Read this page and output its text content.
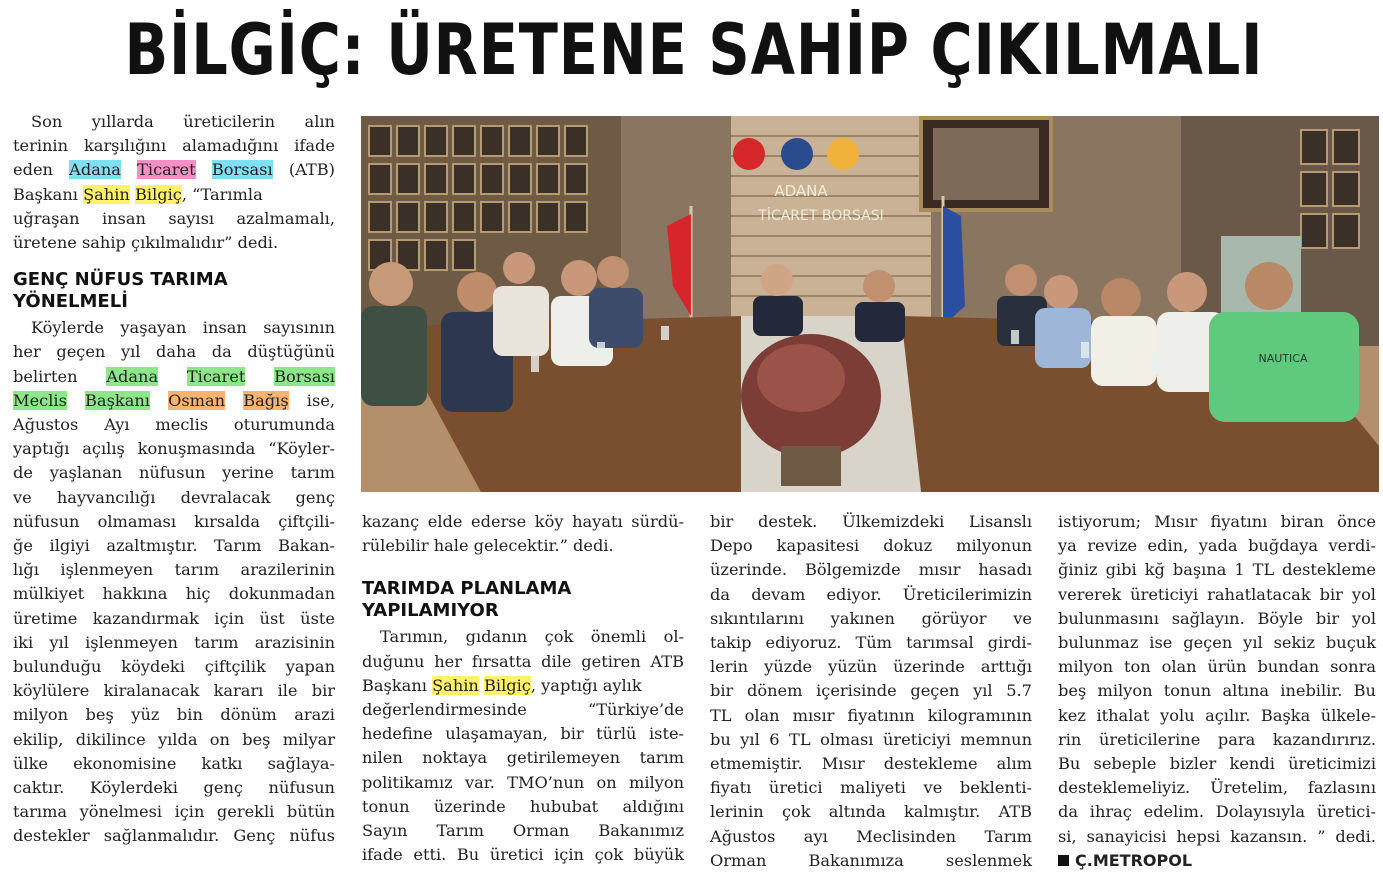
BİLGİÇ: ÜRETENE SAHİP ÇIKILMALI
Son yıllarda üreticilerin alın
terinin karşılığını alamadığını ifade
eden Adana Ticaret Borsası (ATB)
Başkanı Şahin Bilgiç, “Tarımla
uğraşan insan sayısı azalmamalı,
üretene sahip çıkılmalıdır” dedi.
GENÇ NÜFUS TARIMA
YÖNELMELİ
Köylerde yaşayan insan sayısının
her geçen yıl daha da düştüğünü
belirten Adana Ticaret Borsası
Meclis Başkanı Osman Bağış ise,
Ağustos Ayı meclis oturumunda
yaptığı açılış konuşmasında “Köyler-
de yaşlanan nüfusun yerine tarım
ve hayvancılığı devralacak genç
nüfusun olmaması kırsalda çiftçili-
ğe ilgiyi azaltmıştır. Tarım Bakan-
lığı işlenmeyen tarım arazilerinin
mülkiyet hakkına hiç dokunmadan
üretime kazandırmak için üst üste
iki yıl işlenmeyen tarım arazisinin
bulunduğu köydeki çiftçilik yapan
köylülere kiralanacak kararı ile bir
milyon beş yüz bin dönüm arazi
ekilip, dikilince yılda on beş milyar
ülke ekonomisine katkı sağlaya-
caktır. Köylerdeki genç nüfusun
tarıma yönelmesi için gerekli bütün
destekler sağlanmalıdır. Genç nüfus
ADANA
TİCARET BORSASI
NAUTICA
kazanç elde ederse köy hayatı sürdü-
rülebilir hale gelecektir.” dedi.
TARIMDA PLANLAMA
YAPILAMIYOR
Tarımın, gıdanın çok önemli ol-
duğunu her fırsatta dile getiren ATB
Başkanı Şahin Bilgiç, yaptığı aylık
değerlendirmesinde “Türkiye’de
hedefine ulaşamayan, bir türlü iste-
nilen noktaya getirilemeyen tarım
politikamız var. TMO’nun on milyon
tonun üzerinde hububat aldığını
Sayın Tarım Orman Bakanımız
ifade etti. Bu üretici için çok büyük
bir destek. Ülkemizdeki Lisanslı
Depo kapasitesi dokuz milyonun
üzerinde. Bölgemizde mısır hasadı
da devam ediyor. Üreticilerimizin
sıkıntılarını yakınen görüyor ve
takip ediyoruz. Tüm tarımsal girdi-
lerin yüzde yüzün üzerinde arttığı
bir dönem içerisinde geçen yıl 5.7
TL olan mısır fiyatının kilogramının
bu yıl 6 TL olması üreticiyi memnun
etmemiştir. Mısır destekleme alım
fiyatı üretici maliyeti ve beklenti-
lerinin çok altında kalmıştır. ATB
Ağustos ayı Meclisinden Tarım
Orman Bakanımıza seslenmek
istiyorum; Mısır fiyatını biran önce
ya revize edin, yada buğdaya verdi-
ğiniz gibi kğ başına 1 TL destekleme
vererek üreticiyi rahatlatacak bir yol
bulunmasını sağlayın. Böyle bir yol
bulunmaz ise geçen yıl sekiz buçuk
milyon ton olan ürün bundan sonra
beş milyon tonun altına inebilir. Bu
kez ithalat yolu açılır. Başka ülkele-
rin üreticilerine para kazandırırız.
Bu sebeple bizler kendi üreticimizi
desteklemeliyiz. Üretelim, fazlasını
da ihraç edelim. Dolayısıyla üretici-
si, sanayicisi hepsi kazansın. ” dedi.
Ç.METROPOL
